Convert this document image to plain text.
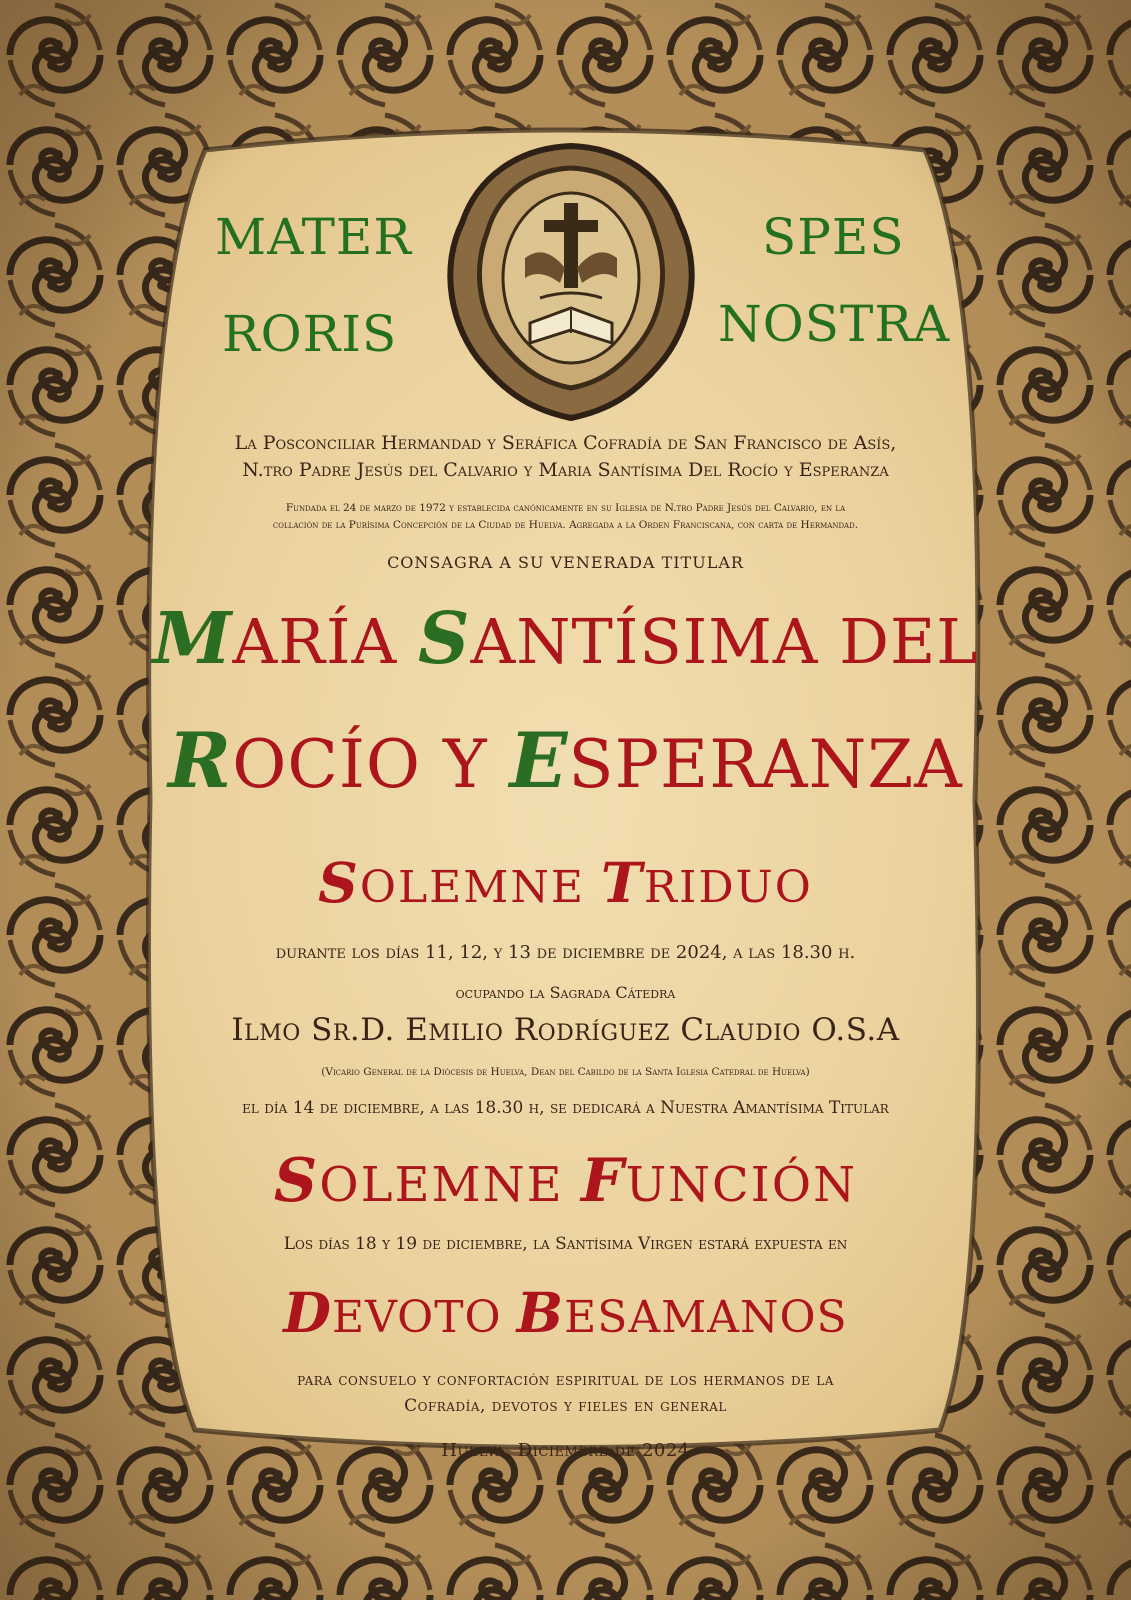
MATER
RORIS
SPES
NOSTRA
La Posconciliar Hermandad y Seráfica Cofradía de San Francisco de Asís,
N.tro Padre Jesús del Calvario y Maria Santísima Del Rocío y Esperanza
Fundada el 24 de marzo de 1972 y establecida canónicamente en su Iglesia de N.tro Padre Jesús del Calvario, en la
collación de la Purísima Concepción de la Ciudad de Huelva. Agregada a la Orden Franciscana, con carta de Hermandad.
CONSAGRA A SU VENERADA TITULAR
MARÍA SANTÍSIMA DEL
ROCÍO Y ESPERANZA
SOLEMNE TRIDUO
durante los días 11, 12, y 13 de diciembre de 2024, a las 18.30 h.
ocupando la Sagrada Cátedra
Ilmo Sr.D. Emilio Rodríguez Claudio O.S.A
(Vicario General de la Diócesis de Huelva, Dean del Cabildo de la Santa Iglesia Catedral de Huelva)
el día 14 de diciembre, a las 18.30 h, se dedicará a Nuestra Amantísima Titular
SOLEMNE FUNCIÓN
Los días 18 y 19 de diciembre, la Santísima Virgen estará expuesta en
DEVOTO BESAMANOS
para consuelo y confortación espiritual de los hermanos de la
Cofradía, devotos y fieles en general
Huelva, Diciembre de 2024
